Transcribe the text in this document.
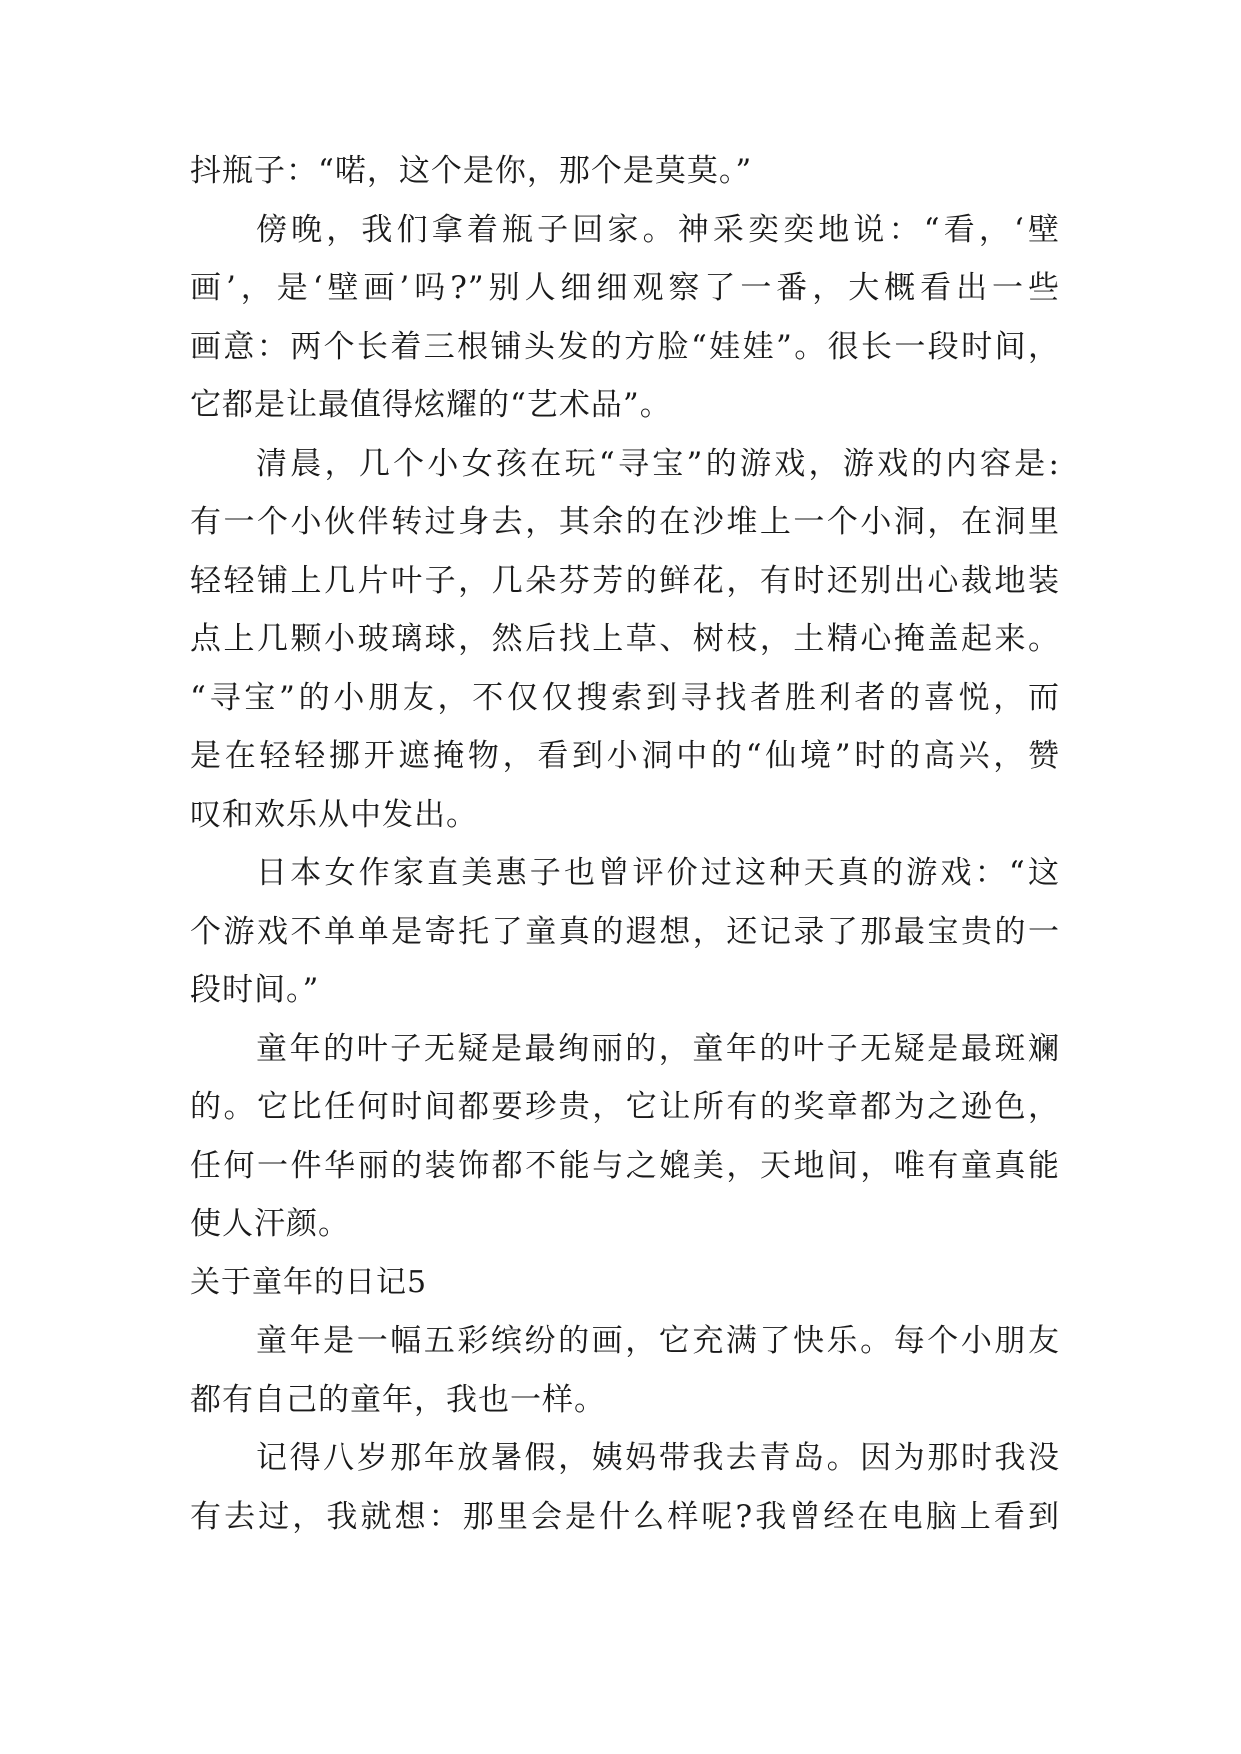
抖瓶子：“喏，这个是你，那个是莫莫。”
傍晚，我们拿着瓶子回家。神采奕奕地说：“看，‘壁
画’，是‘壁画’吗?”别人细细观察了一番，大概看出一些
画意：两个长着三根铺头发的方脸“娃娃”。很长一段时间，
它都是让最值得炫耀的“艺术品”。
清晨，几个小女孩在玩“寻宝”的游戏，游戏的内容是:
有一个小伙伴转过身去，其余的在沙堆上一个小洞，在洞里
轻轻铺上几片叶子，几朵芬芳的鲜花，有时还别出心裁地装
点上几颗小玻璃球，然后找上草、树枝，土精心掩盖起来。
“寻宝”的小朋友，不仅仅搜索到寻找者胜利者的喜悦，而
是在轻轻挪开遮掩物，看到小洞中的“仙境”时的高兴，赞
叹和欢乐从中发出。
日本女作家直美惠子也曾评价过这种天真的游戏：“这
个游戏不单单是寄托了童真的遐想，还记录了那最宝贵的一
段时间。”
童年的叶子无疑是最绚丽的，童年的叶子无疑是最斑斓
的。它比任何时间都要珍贵，它让所有的奖章都为之逊色，
任何一件华丽的装饰都不能与之媲美，天地间，唯有童真能
使人汗颜。
关于童年的日记5
童年是一幅五彩缤纷的画，它充满了快乐。每个小朋友
都有自己的童年，我也一样。
记得八岁那年放暑假，姨妈带我去青岛。因为那时我没
有去过，我就想：那里会是什么样呢?我曾经在电脑上看到
